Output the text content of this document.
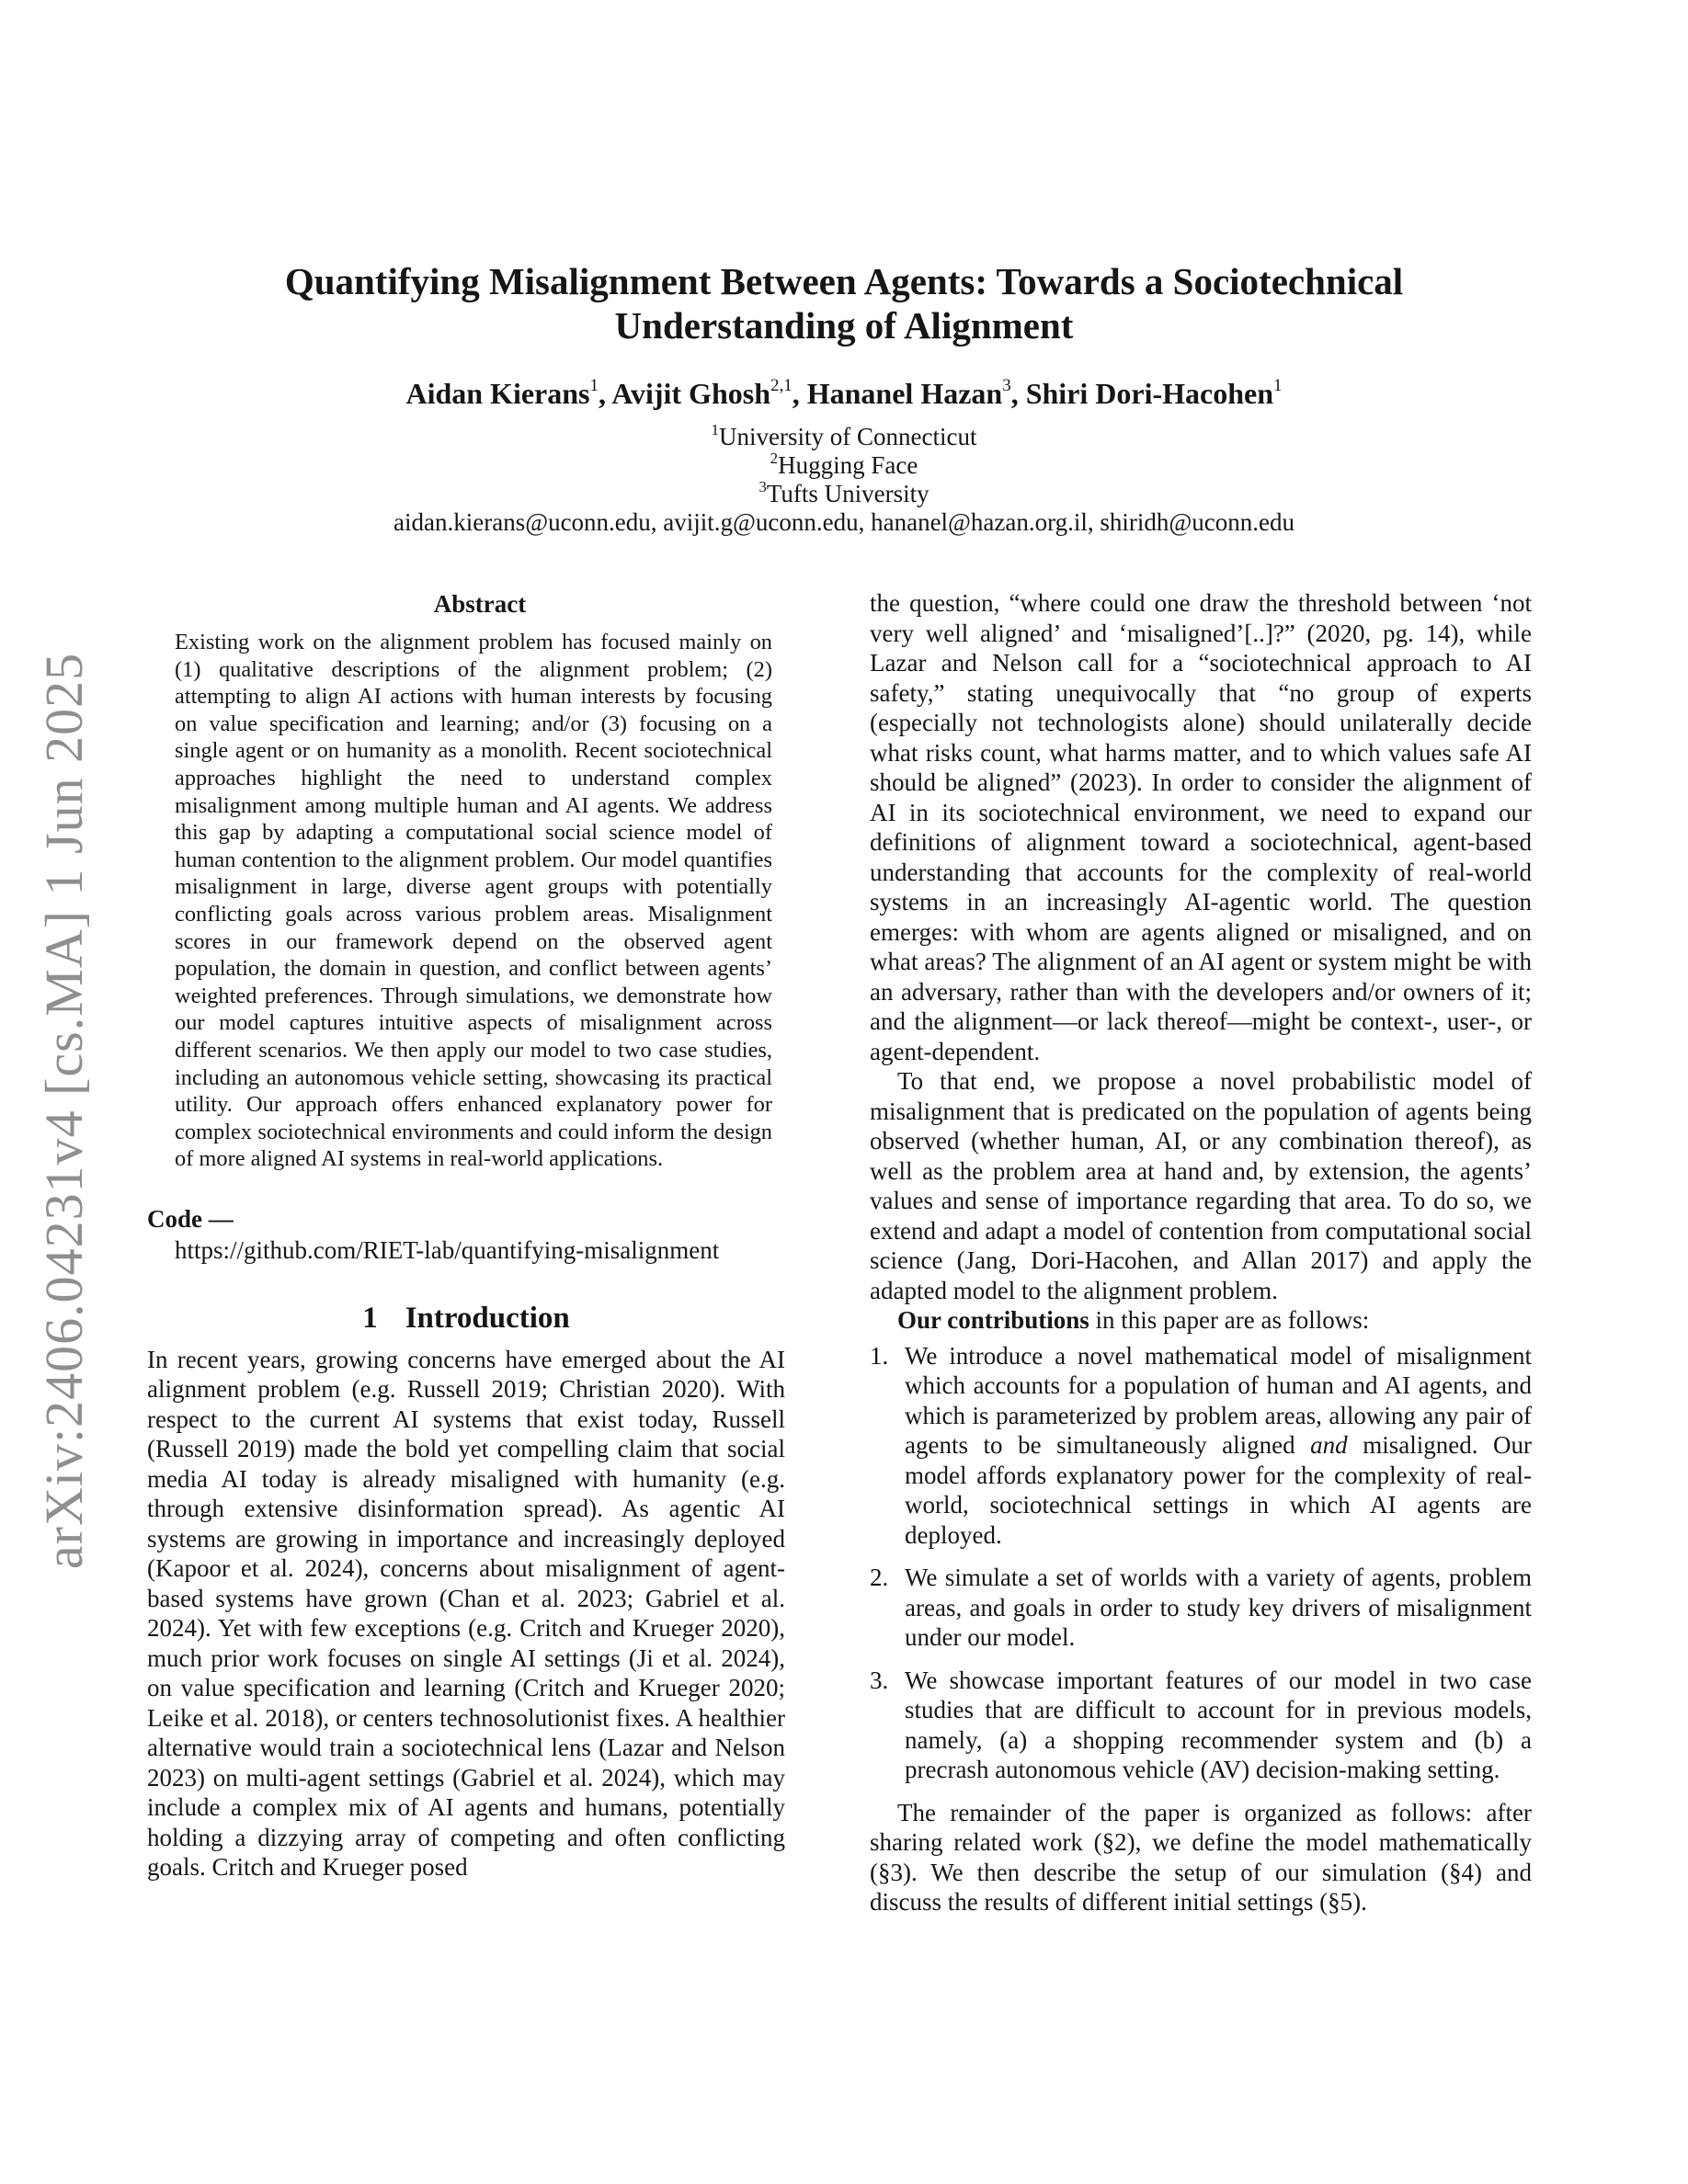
arXiv:2406.04231v4 [cs.MA] 1 Jun 2025
Quantifying Misalignment Between Agents: Towards a Sociotechnical
Understanding of Alignment
Aidan Kierans$^1$, Avijit Ghosh$^{2,1}$, Hananel Hazan$^3$, Shiri Dori-Hacohen$^1$
$^1$University of Connecticut
$^2$Hugging Face
$^3$Tufts University
aidan.kierans@uconn.edu, avijit.g@uconn.edu, hananel@hazan.org.il, shiridh@uconn.edu
Abstract

Existing work on the alignment problem has focused mainly on (1) qualitative descriptions of the alignment problem; (2) attempting to align AI actions with human interests by focusing on value specification and learning; and/or (3) focusing on a single agent or on humanity as a monolith. Recent sociotechnical approaches highlight the need to understand complex misalignment among multiple human and AI agents. We address this gap by adapting a computational social science model of human contention to the alignment problem. Our model quantifies misalignment in large, diverse agent groups with potentially conflicting goals across various problem areas. Misalignment scores in our framework depend on the observed agent population, the domain in question, and conflict between agents’ weighted preferences. Through simulations, we demonstrate how our model captures intuitive aspects of misalignment across different scenarios. We then apply our model to two case studies, including an autonomous vehicle setting, showcasing its practical utility. Our approach offers enhanced explanatory power for complex sociotechnical environments and could inform the design of more aligned AI systems in real-world applications.

Code —
https://github.com/RIET-lab/quantifying-misalignment
1 Introduction

In recent years, growing concerns have emerged about the AI alignment problem (e.g. Russell 2019; Christian 2020). With respect to the current AI systems that exist today, Russell (Russell 2019) made the bold yet compelling claim that social media AI today is already misaligned with humanity (e.g. through extensive disinformation spread). As agentic AI systems are growing in importance and increasingly deployed (Kapoor et al. 2024), concerns about misalignment of agent-based systems have grown (Chan et al. 2023; Gabriel et al. 2024). Yet with few exceptions (e.g. Critch and Krueger 2020), much prior work focuses on single AI settings (Ji et al. 2024), on value specification and learning (Critch and Krueger 2020; Leike et al. 2018), or centers technosolutionist fixes. A healthier alternative would train a sociotechnical lens (Lazar and Nelson 2023) on multi-agent settings (Gabriel et al. 2024), which may include a complex mix of AI agents and humans, potentially holding a dizzying array of competing and often conflicting goals. Critch and Krueger posed

the question, “where could one draw the threshold between ‘not very well aligned’ and ‘misaligned’[..]?” (2020, pg. 14), while Lazar and Nelson call for a “sociotechnical approach to AI safety,” stating unequivocally that “no group of experts (especially not technologists alone) should unilaterally decide what risks count, what harms matter, and to which values safe AI should be aligned” (2023). In order to consider the alignment of AI in its sociotechnical environment, we need to expand our definitions of alignment toward a sociotechnical, agent-based understanding that accounts for the complexity of real-world systems in an increasingly AI-agentic world. The question emerges: with whom are agents aligned or misaligned, and on what areas? The alignment of an AI agent or system might be with an adversary, rather than with the developers and/or owners of it; and the alignment—or lack thereof—might be context-, user-, or agent-dependent.

To that end, we propose a novel probabilistic model of misalignment that is predicated on the population of agents being observed (whether human, AI, or any combination thereof), as well as the problem area at hand and, by extension, the agents’ values and sense of importance regarding that area. To do so, we extend and adapt a model of contention from computational social science (Jang, Dori-Hacohen, and Allan 2017) and apply the adapted model to the alignment problem.

Our contributions in this paper are as follows:

1. We introduce a novel mathematical model of misalignment which accounts for a population of human and AI agents, and which is parameterized by problem areas, allowing any pair of agents to be simultaneously aligned and misaligned. Our model affords explanatory power for the complexity of real-world, sociotechnical settings in which AI agents are deployed.
2. We simulate a set of worlds with a variety of agents, problem areas, and goals in order to study key drivers of misalignment under our model.
3. We showcase important features of our model in two case studies that are difficult to account for in previous models, namely, (a) a shopping recommender system and (b) a precrash autonomous vehicle (AV) decision-making setting.

The remainder of the paper is organized as follows: after sharing related work (§2), we define the model mathematically (§3). We then describe the setup of our simulation (§4) and discuss the results of different initial settings (§5).
